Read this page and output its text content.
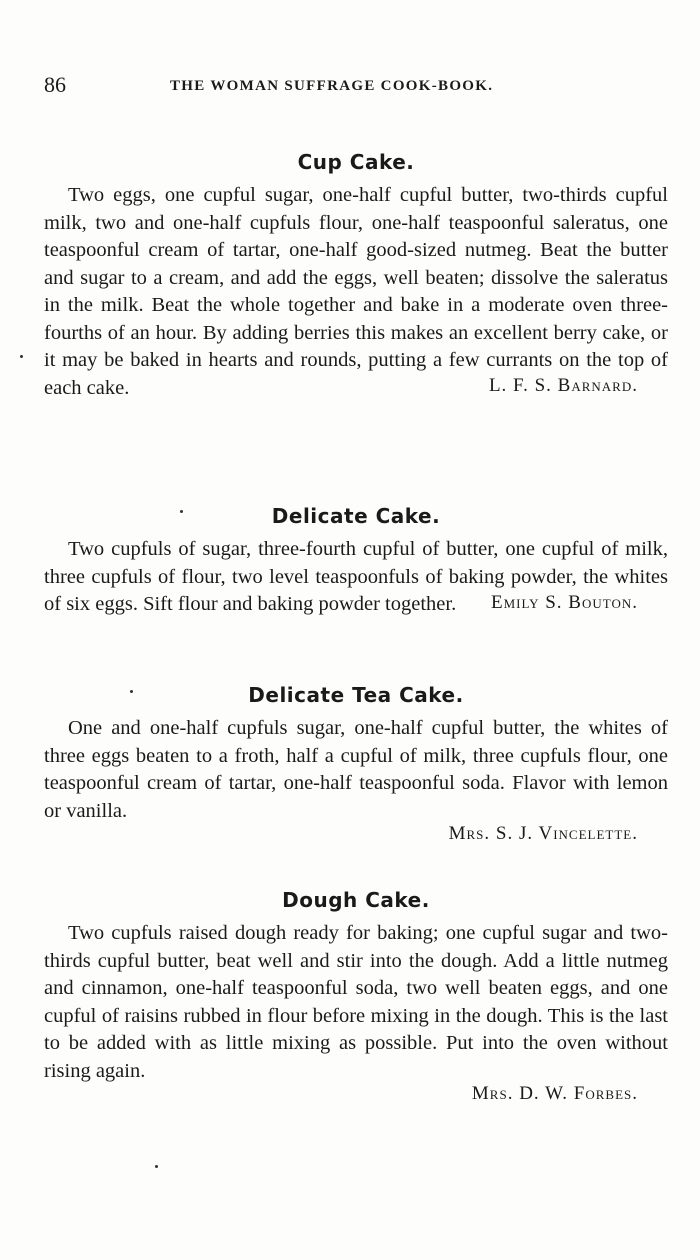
86	THE WOMAN SUFFRAGE COOK-BOOK.
Cup Cake.

Two eggs, one cupful sugar, one-half cupful butter, two-thirds cupful milk, two and one-half cupfuls flour, one-half teaspoonful saleratus, one teaspoonful cream of tartar, one-half good-sized nutmeg. Beat the butter and sugar to a cream, and add the eggs, well beaten; dissolve the saleratus in the milk. Beat the whole together and bake in a moderate oven three-fourths of an hour. By adding berries this makes an excellent berry cake, or it may be baked in hearts and rounds, putting a few currants on the top of each cake.	L. F. S. Barnard.
Delicate Cake.

Two cupfuls of sugar, three-fourth cupful of butter, one cupful of milk, three cupfuls of flour, two level teaspoonfuls of baking powder, the whites of six eggs. Sift flour and baking powder together.	Emily S. Bouton.
Delicate Tea Cake.

One and one-half cupfuls sugar, one-half cupful butter, the whites of three eggs beaten to a froth, half a cupful of milk, three cupfuls flour, one teaspoonful cream of tartar, one-half teaspoonful soda. Flavor with lemon or vanilla.

Mrs. S. J. Vincelette.
Dough Cake.

Two cupfuls raised dough ready for baking; one cupful sugar and two-thirds cupful butter, beat well and stir into the dough. Add a little nutmeg and cinnamon, one-half teaspoonful soda, two well beaten eggs, and one cupful of raisins rubbed in flour before mixing in the dough. This is the last to be added with as little mixing as possible. Put into the oven without rising again.

Mrs. D. W. Forbes.
